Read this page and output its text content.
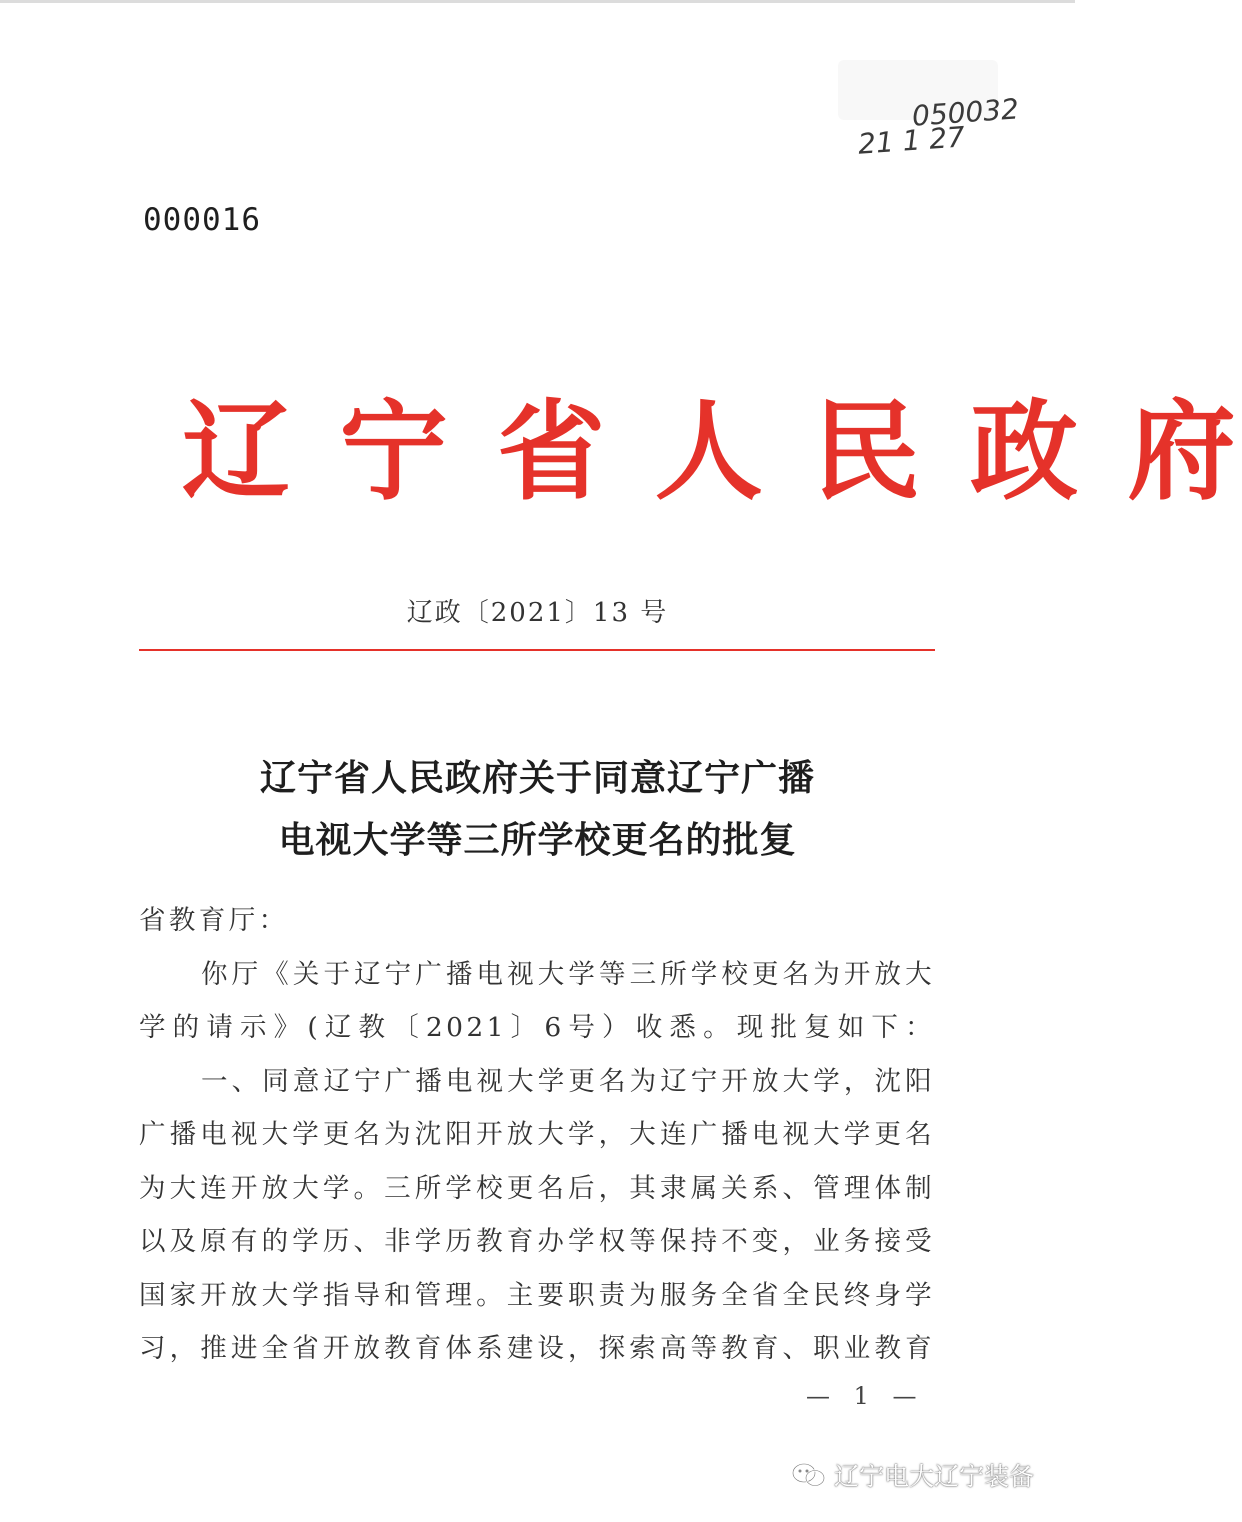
050032
21 1 27
000016
辽 宁 省 人 民 政 府
辽政〔2021〕13 号
辽宁省人民政府关于同意辽宁广播
电视大学等三所学校更名的批复
省教育厅：
你厅《关于辽宁广播电视大学等三所学校更名为开放大
学的请示》(辽教〔2021〕6号）收悉。现批复如下：
一、同意辽宁广播电视大学更名为辽宁开放大学，沈阳
广播电视大学更名为沈阳开放大学，大连广播电视大学更名
为大连开放大学。三所学校更名后，其隶属关系、管理体制
以及原有的学历、非学历教育办学权等保持不变，业务接受
国家开放大学指导和管理。主要职责为服务全省全民终身学
习，推进全省开放教育体系建设，探索高等教育、职业教育
— 1 —
辽宁电大辽宁装备
